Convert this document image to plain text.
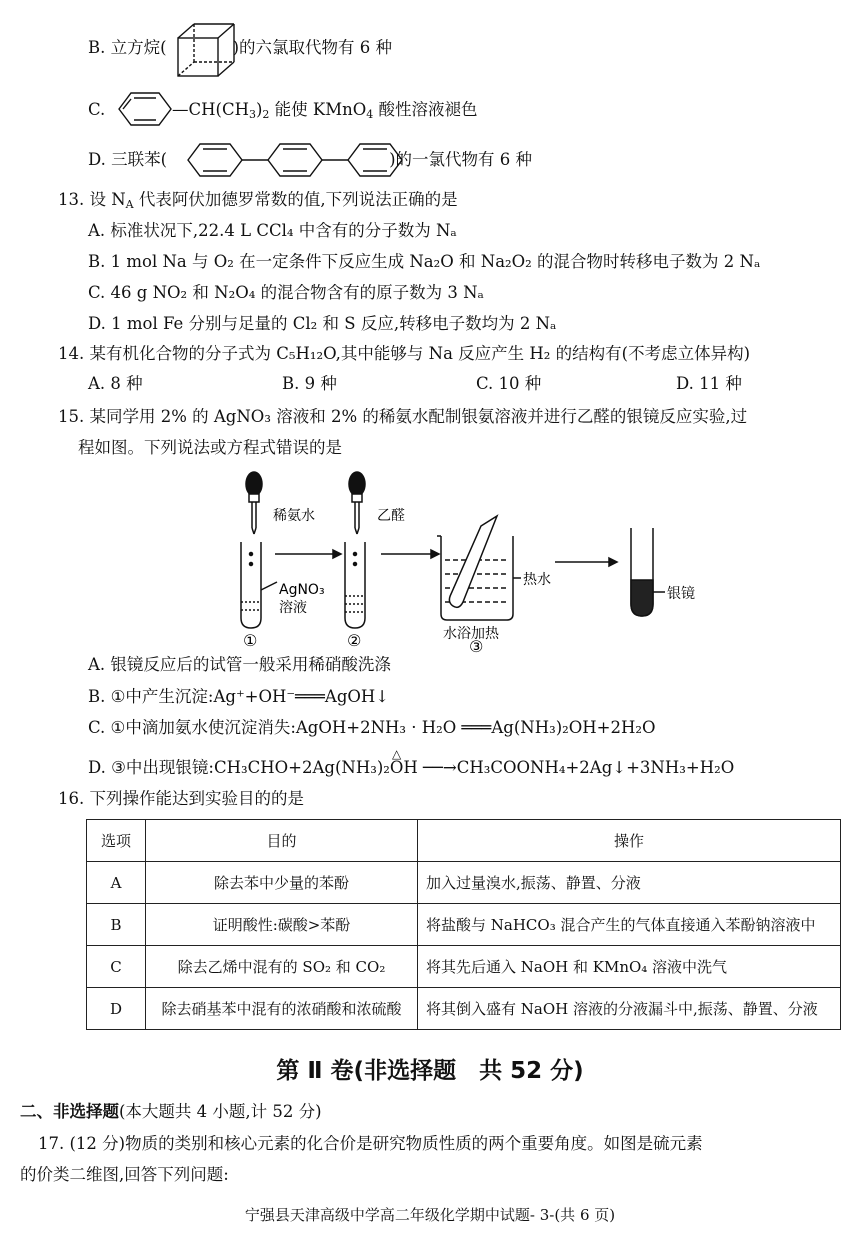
B. 立方烷(	)的六氯取代物有 6 种
C.	$—CH(CH_3)_2$ 能使 KMnO$_4$ 酸性溶液褪色
D. 三联苯(	)的一氯代物有 6 种
13. 设 $N_A$ 代表阿伏加德罗常数的值,下列说法正确的是
A. 标准状况下,22.4 L CCl₄ 中含有的分子数为 Nₐ
B. 1 mol Na 与 O₂ 在一定条件下反应生成 Na₂O 和 Na₂O₂ 的混合物时转移电子数为 2 Nₐ
C. 46 g NO₂ 和 N₂O₄ 的混合物含有的原子数为 3 Nₐ
D. 1 mol Fe 分别与足量的 Cl₂ 和 S 反应,转移电子数均为 2 Nₐ
14. 某有机化合物的分子式为 C₅H₁₂O,其中能够与 Na 反应产生 H₂ 的结构有(不考虑立体异构)
A. 8 种	B. 9 种	C. 10 种	D. 11 种
15. 某同学用 2% 的 AgNO₃ 溶液和 2% 的稀氨水配制银氨溶液并进行乙醛的银镜反应实验,过
程如图。下列说法或方程式错误的是
稀氨水	乙醛
AgNO₃
溶液
热水
水浴加热
银镜
①	②	③
A. 银镜反应后的试管一般采用稀硝酸洗涤
B. ①中产生沉淀:Ag⁺+OH⁻═══AgOH↓
C. ①中滴加氨水使沉淀消失:AgOH+2NH₃ · H₂O ═══Ag(NH₃)₂OH+2H₂O
△
D. ③中出现银镜:CH₃CHO+2Ag(NH₃)₂OH ──→CH₃COONH₄+2Ag↓+3NH₃+H₂O
16. 下列操作能达到实验目的的是
选项	目的	操作
A	除去苯中少量的苯酚	加入过量溴水,振荡、静置、分液
B	证明酸性:碳酸>苯酚	将盐酸与 NaHCO₃ 混合产生的气体直接通入苯酚钠溶液中
C	除去乙烯中混有的 SO₂ 和 CO₂	将其先后通入 NaOH 和 KMnO₄ 溶液中洗气
D	除去硝基苯中混有的浓硝酸和浓硫酸	将其倒入盛有 NaOH 溶液的分液漏斗中,振荡、静置、分液
第 Ⅱ 卷(非选择题　共 52 分)
二、非选择题(本大题共 4 小题,计 52 分)
17. (12 分)物质的类别和核心元素的化合价是研究物质性质的两个重要角度。如图是硫元素
的价类二维图,回答下列问题:
宁强县天津高级中学高二年级化学期中试题- 3-(共 6 页)
